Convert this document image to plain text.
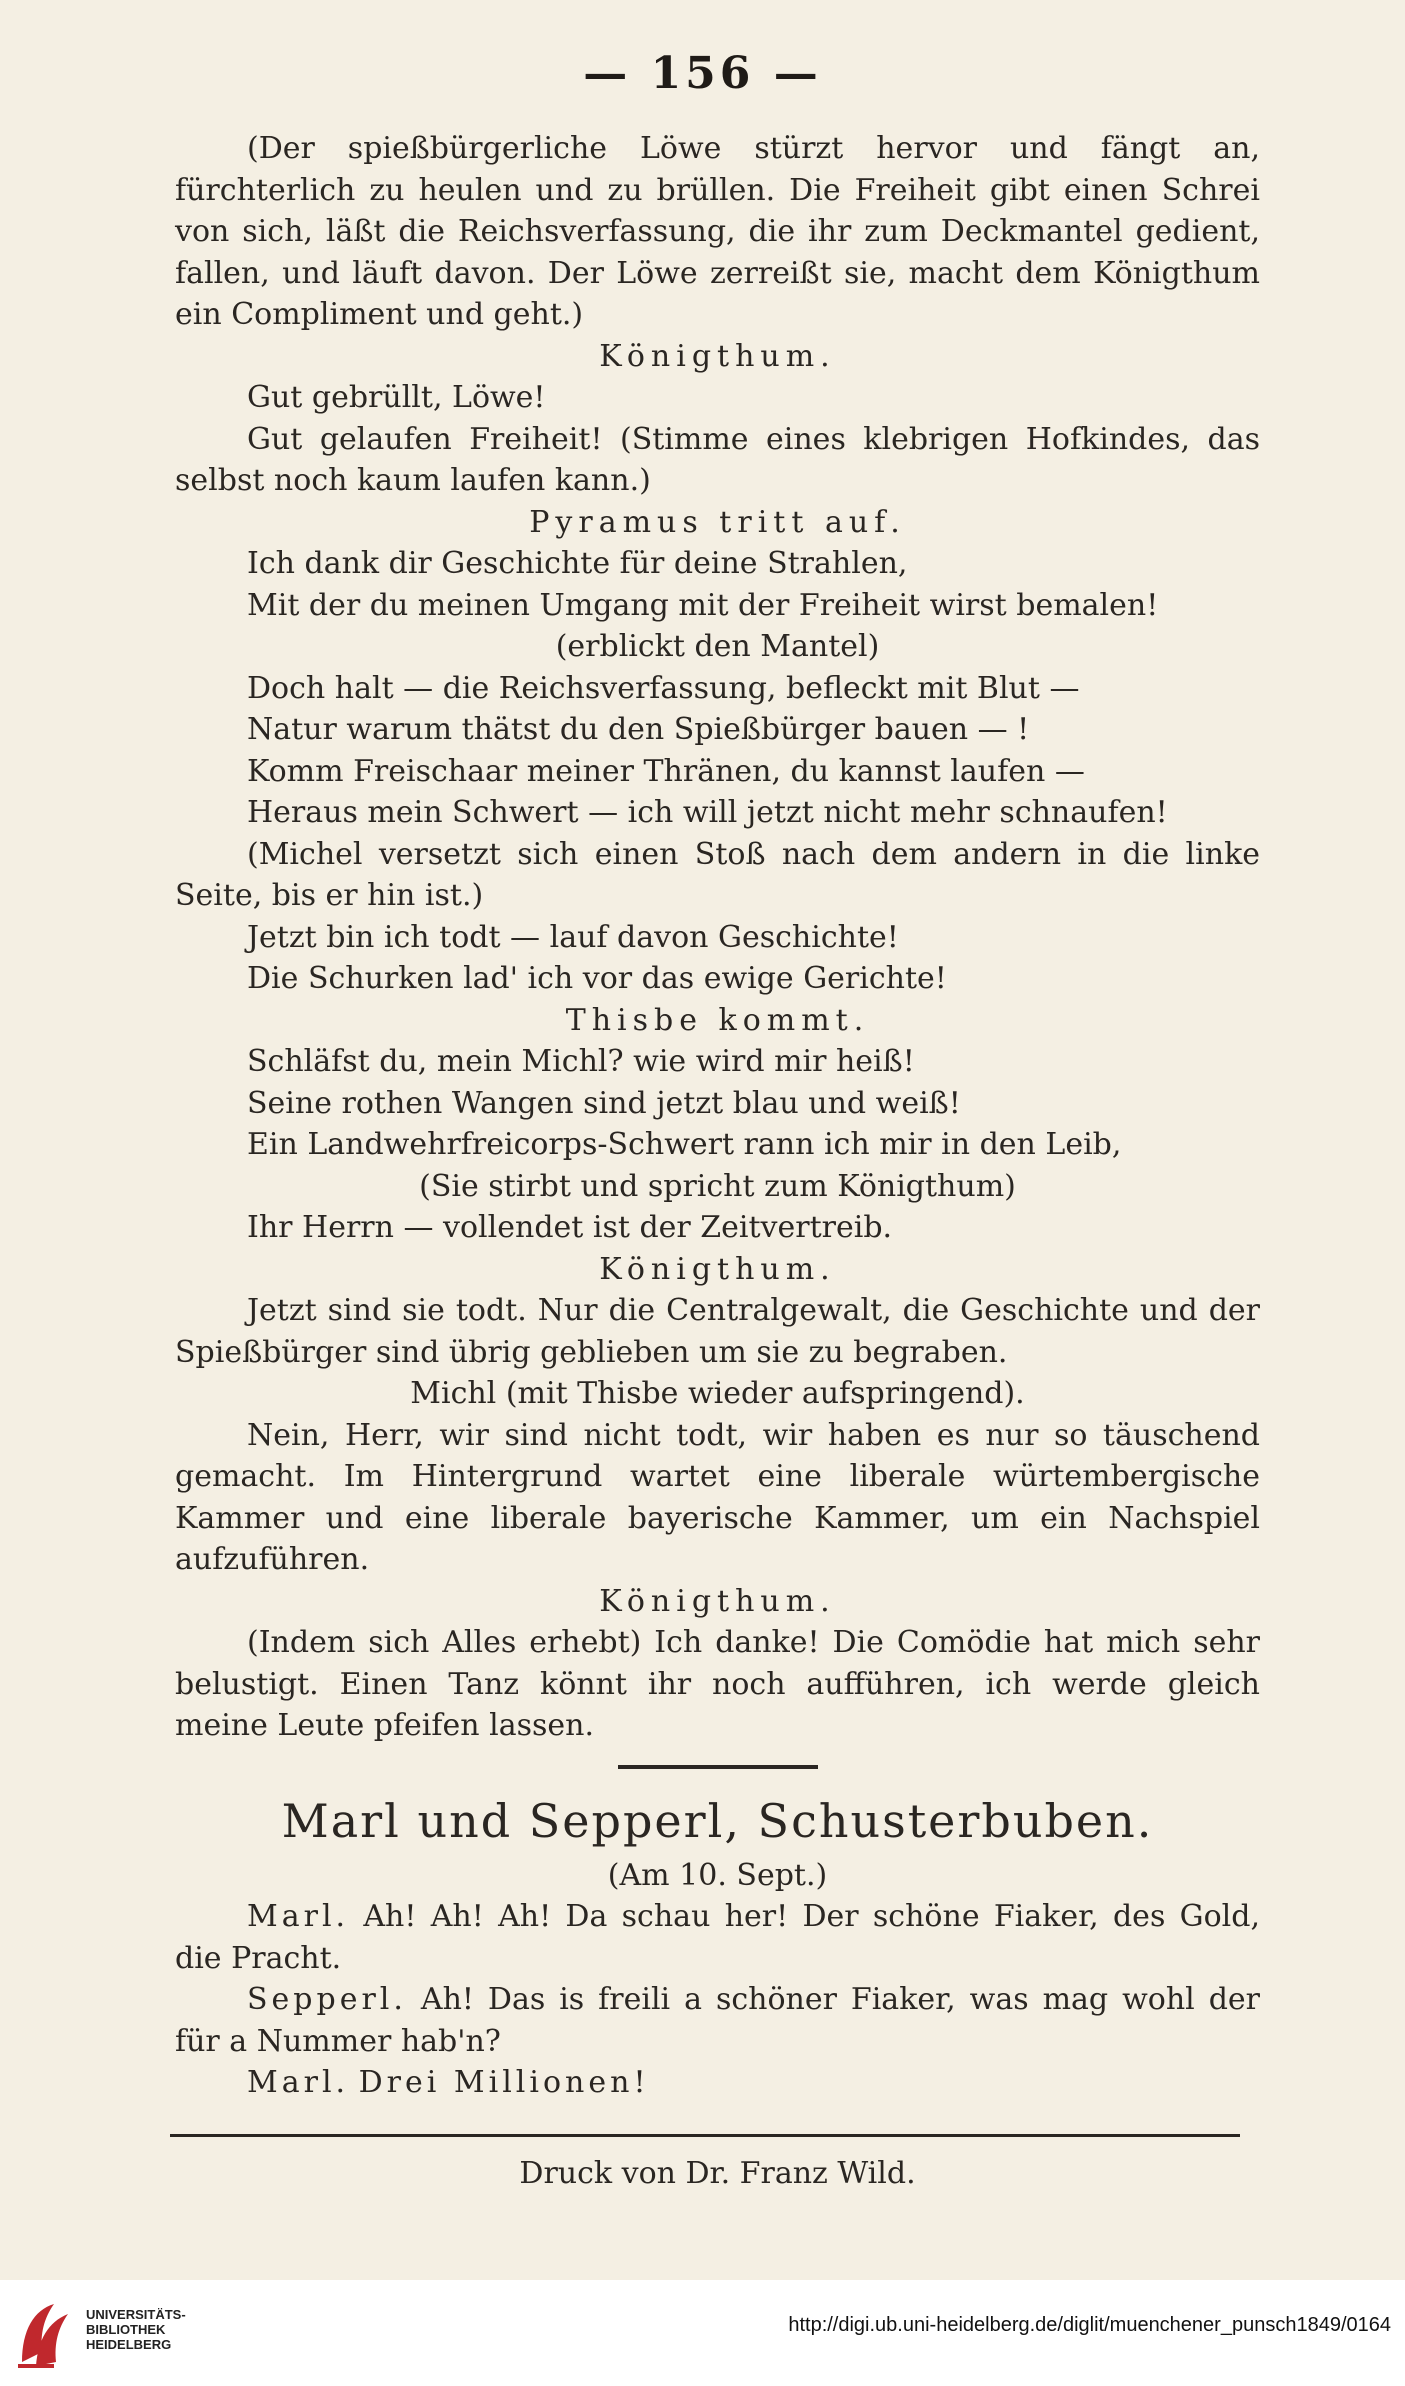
— 156 —

(Der spießbürgerliche Löwe stürzt hervor und fängt an, fürchterlich zu heulen und zu brüllen. Die Freiheit gibt einen Schrei von sich, läßt die Reichsverfassung, die ihr zum Deckmantel gedient, fallen, und läuft davon. Der Löwe zerreißt sie, macht dem Königthum ein Compliment und geht.)

Königthum.

Gut gebrüllt, Löwe!

Gut gelaufen Freiheit! (Stimme eines klebrigen Hofkindes, das selbst noch kaum laufen kann.)

Pyramus tritt auf.

Ich dank dir Geschichte für deine Strahlen,

Mit der du meinen Umgang mit der Freiheit wirst bemalen!

(erblickt den Mantel)

Doch halt — die Reichsverfassung, befleckt mit Blut —

Natur warum thätst du den Spießbürger bauen — !

Komm Freischaar meiner Thränen, du kannst laufen —

Heraus mein Schwert — ich will jetzt nicht mehr schnaufen!

(Michel versetzt sich einen Stoß nach dem andern in die linke Seite, bis er hin ist.)

Jetzt bin ich todt — lauf davon Geschichte!

Die Schurken lad' ich vor das ewige Gerichte!

Thisbe kommt.

Schläfst du, mein Michl? wie wird mir heiß!

Seine rothen Wangen sind jetzt blau und weiß!

Ein Landwehrfreicorps-Schwert rann ich mir in den Leib,

(Sie stirbt und spricht zum Königthum)

Ihr Herrn — vollendet ist der Zeitvertreib.

Königthum.

Jetzt sind sie todt. Nur die Centralgewalt, die Geschichte und der Spießbürger sind übrig geblieben um sie zu begraben.

Michl (mit Thisbe wieder aufspringend).

Nein, Herr, wir sind nicht todt, wir haben es nur so täuschend gemacht. Im Hintergrund wartet eine liberale würtembergische Kammer und eine liberale bayerische Kammer, um ein Nachspiel aufzuführen.

Königthum.

(Indem sich Alles erhebt) Ich danke! Die Comödie hat mich sehr belustigt. Einen Tanz könnt ihr noch aufführen, ich werde gleich meine Leute pfeifen lassen.

Marl und Sepperl, Schusterbuben.

(Am 10. Sept.)

Marl. Ah! Ah! Ah! Da schau her! Der schöne Fiaker, des Gold, die Pracht.

Sepperl. Ah! Das is freili a schöner Fiaker, was mag wohl der für a Nummer hab'n?

Marl. Drei Millionen!

Druck von Dr. Franz Wild.

UNIVERSITÄTS-
BIBLIOTHEK
HEIDELBERG
http://digi.ub.uni-heidelberg.de/diglit/muenchener_punsch1849/0164
